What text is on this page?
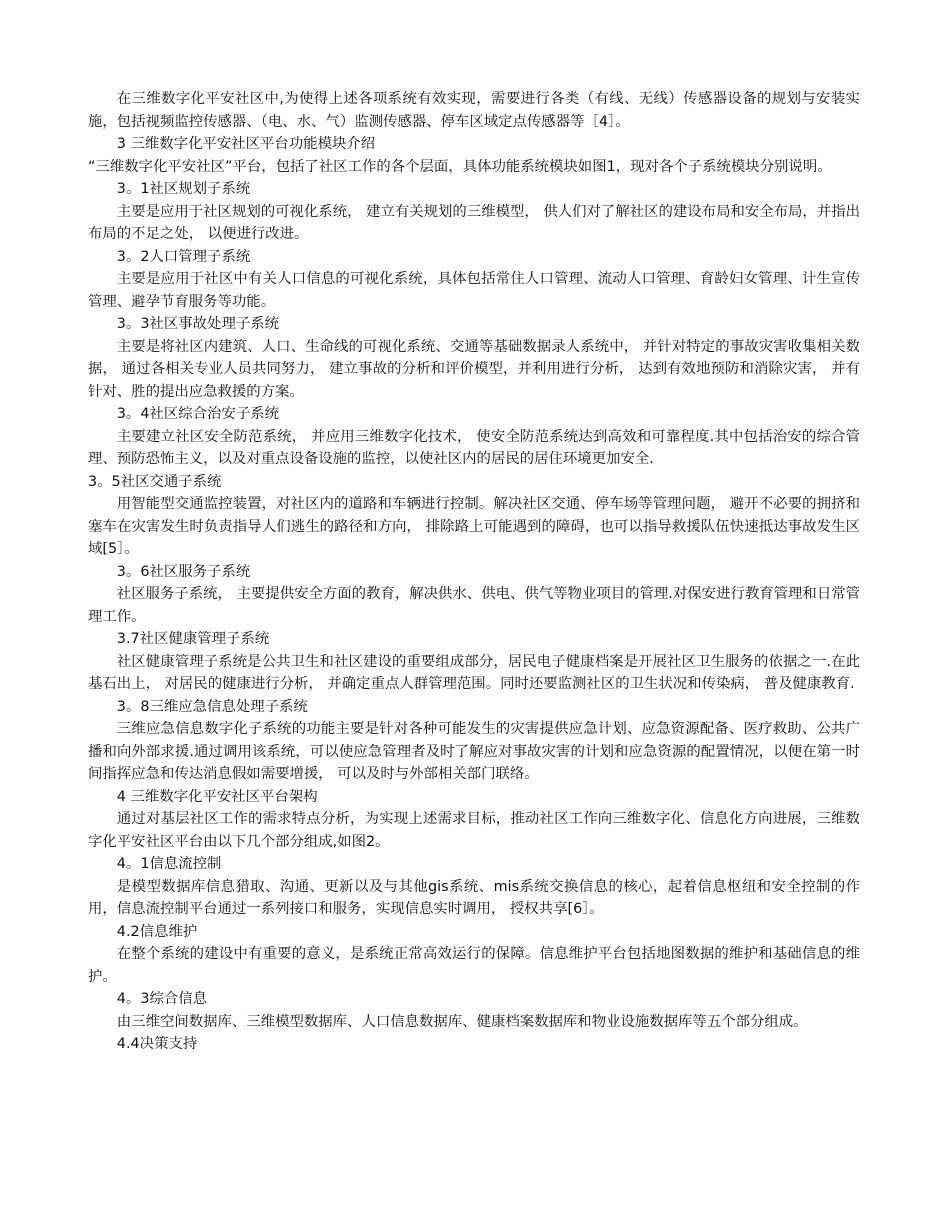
在三维数字化平安社区中,为使得上述各项系统有效实现，需要进行各类（有线、无线）传感器设备的规划与安装实施，包括视频监控传感器、（电、水、气）监测传感器、停车区域定点传感器等［4］。

3 三维数字化平安社区平台功能模块介绍

“三维数字化平安社区”平台，包括了社区工作的各个层面，具体功能系统模块如图1，现对各个子系统模块分别说明。

3。1社区规划子系统

主要是应用于社区规划的可视化系统， 建立有关规划的三维模型， 供人们对了解社区的建设布局和安全布局，并指出布局的不足之处， 以便进行改进。

3。2人口管理子系统

主要是应用于社区中有关人口信息的可视化系统，具体包括常住人口管理、流动人口管理、育龄妇女管理、计生宣传管理、避孕节育服务等功能。

3。3社区事故处理子系统

主要是将社区内建筑、人口、生命线的可视化系统、交通等基础数据录人系统中， 并针对特定的事故灾害收集相关数据， 通过各相关专业人员共同努力， 建立事故的分析和评价模型，并利用进行分析， 达到有效地预防和消除灾害， 并有针对、胜的提出应急救援的方案。

3。4社区综合治安子系统

主要建立社区安全防范系统， 并应用三维数字化技术， 使安全防范系统达到高效和可靠程度.其中包括治安的综合管理、预防恐怖主义，以及对重点设备设施的监控，以使社区内的居民的居住环境更加安全.

3。5社区交通子系统

用智能型交通监控装置，对社区内的道路和车辆进行控制。解决社区交通、停车场等管理问题， 避开不必要的拥挤和塞车在灾害发生时负责指导人们逃生的路径和方向， 排除路上可能遇到的障碍，也可以指导救援队伍快速抵达事故发生区域[5］。

3。6社区服务子系统

社区服务子系统， 主要提供安全方面的教育，解决供水、供电、供气等物业项目的管理.对保安进行教育管理和日常管理工作。

3.7社区健康管理子系统

社区健康管理子系统是公共卫生和社区建设的重要组成部分，居民电子健康档案是开展社区卫生服务的依据之一.在此基石出上， 对居民的健康进行分析， 并确定重点人群管理范围。同时还要监测社区的卫生状况和传染病， 普及健康教育.

3。8三维应急信息处理子系统

三维应急信息数字化子系统的功能主要是针对各种可能发生的灾害提供应急计划、应急资源配备、医疗救助、公共广播和向外部求援.通过调用该系统，可以使应急管理者及时了解应对事故灾害的计划和应急资源的配置情况，以便在第一时间指挥应急和传达消息假如需要增援， 可以及时与外部相关部门联络。

4 三维数字化平安社区平台架构

通过对基层社区工作的需求特点分析，为实现上述需求目标，推动社区工作向三维数字化、信息化方向进展，三维数字化平安社区平台由以下几个部分组成,如图2。

4。1信息流控制

是模型数据库信息猎取、沟通、更新以及与其他gis系统、mis系统交换信息的核心，起着信息枢纽和安全控制的作用，信息流控制平台通过一系列接口和服务，实现信息实时调用， 授权共享[6］。

4.2信息维护

在整个系统的建设中有重要的意义，是系统正常高效运行的保障。信息维护平台包括地图数据的维护和基础信息的维护。

4。3综合信息

由三维空间数据库、三维模型数据库、人口信息数据库、健康档案数据库和物业设施数据库等五个部分组成。

4.4决策支持
